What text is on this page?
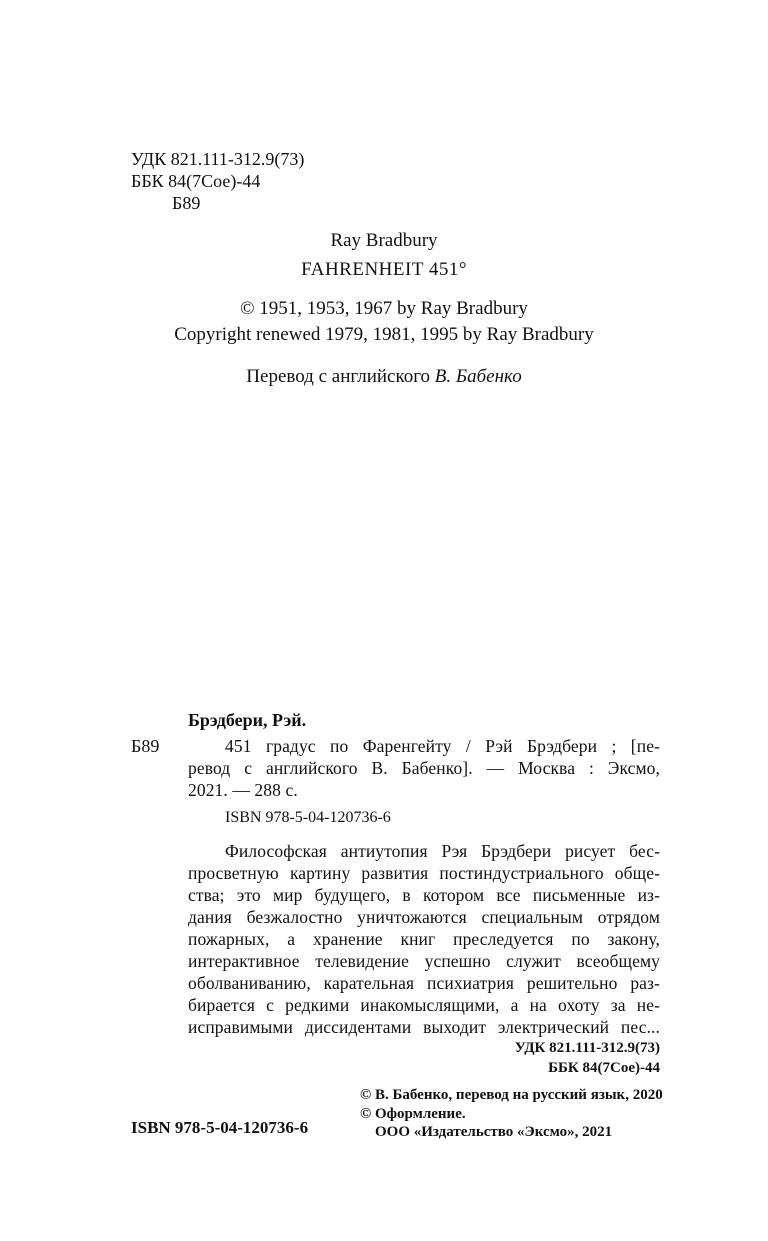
УДК 821.111-312.9(73)
ББК 84(7Сое)-44
Б89
Ray Bradbury
FAHRENHEIT 451°
© 1951, 1953, 1967 by Ray Bradbury
Copyright renewed 1979, 1981, 1995 by Ray Bradbury
Перевод с английского В. Бабенко
Брэдбери, Рэй.
Б89	451 градус по Фаренгейту / Рэй Брэдбери ; [пе-
ревод с английского В. Бабенко]. — Москва : Эксмо,
2021. — 288 с.
ISBN 978-5-04-120736-6
Философская антиутопия Рэя Брэдбери рисует бес-
просветную картину развития постиндустриального обще-
ства; это мир будущего, в котором все письменные из-
дания безжалостно уничтожаются специальным отрядом
пожарных, а хранение книг преследуется по закону,
интерактивное телевидение успешно служит всеобщему
оболваниванию, карательная психиатрия решительно раз-
бирается с редкими инакомыслящими, а на охоту за не-
исправимыми диссидентами выходит электрический пес...
УДК 821.111-312.9(73)
ББК 84(7Сое)-44
© В. Бабенко, перевод на русский язык, 2020
© Оформление.
ООО «Издательство «Эксмо», 2021
ISBN 978-5-04-120736-6
